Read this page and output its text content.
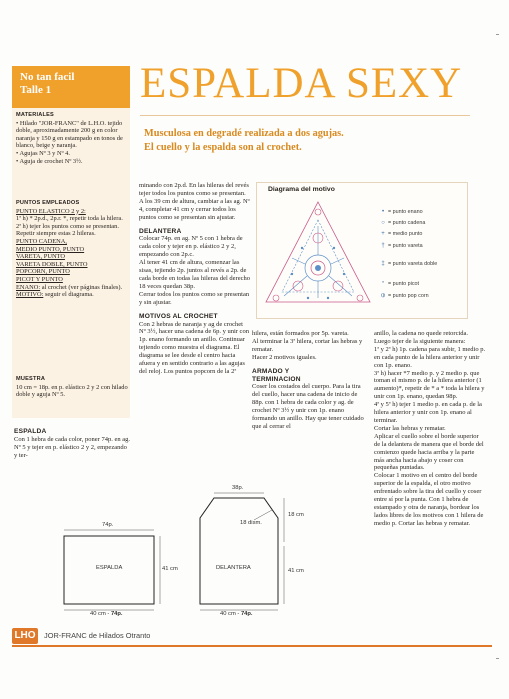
No tan facil
Talle 1
MATERIALES
• Hilado "JOR-FRANC" de L.H.O. tejido doble, aproximadamente 200 g en color naranja y 150 g en estampado en tonos de blanco, beige y naranja.
• Agujas Nº 3 y Nº 4.
• Aguja de crochet Nº 3½.
PUNTOS EMPLEADOS
PUNTO ELASTICO 2 y 2:
1ª h) * 2p.d., 2p.r. *, repetir toda la hilera.
2ª h) tejer los puntos como se presentan.
Repetir siempre estas 2 hileras.
PUNTO CADENA,
MEDIO PUNTO, PUNTO
VARETA, PUNTO
VARETA DOBLE, PUNTO
POPCORN, PUNTO
PICOT Y PUNTO
ENANO: al crochet (ver páginas finales).
MOTIVO: seguir el diagrama.
MUESTRA
10 cm = 18p. en p. elástico 2 y 2 con hilado doble y aguja Nº 5.
ESPALDA SEXY
Musculosa en degradé realizada a dos agujas.
El cuello y la espalda son al crochet.
ESPALDA
Con 1 hebra de cada color, poner 74p. en ag. Nº 5 y tejer en p. elástico 2 y 2, empezando y ter-
minando con 2p.d. En las hileras del revés tejer todos los puntos como se presentan.
A los 39 cm de altura, cambiar a las ag. Nº 4, completar 41 cm y cerrar todos los puntos como se presentan sin ajustar.
DELANTERA
Colocar 74p. en ag. Nº 5 con 1 hebra de cada color y tejer en p. elástico 2 y 2, empezando con 2p.c.
Al tener 41 cm de altura, comenzar las sisas, tejiendo 2p. juntos al revés a 2p. de cada borde en todas las hileras del derecho 18 veces quedan 38p.
Cerrar todos los puntos como se presentan y sin ajustar.
MOTIVOS AL CROCHET
Con 2 hebras de naranja y ag de crochet Nº 3½, hacer una cadena de 6p. y unir con 1p. enano formando un anillo. Continuar tejiendo como muestra el diagrama. El diagrama se lee desde el centro hacia afuera y en sentido contrario a las agujas del reloj. Los puntos popcorn de la 2ª
Diagrama del motivo
• = punto enano
○ = punto cadena
+ = medio punto
† = punto vareta
‡ = punto vareta doble
ᐤ = punto picot
⦶ = punto pop corn
hilera, están formados por 5p. vareta.
Al terminar la 3ª hilera, cortar las hebras y rematar.
Hacer 2 motivos iguales.
ARMADO Y
TERMINACION
Coser los costados del cuerpo. Para la tira del cuello, hacer una cadena de inicio de 88p. con 1 hebra de cada color y ag. de crochet Nº 3½ y unir con 1p. enano formando un anillo. Hay que tener cuidado que al cerrar el
anillo, la cadena no quede retorcida. Luego tejer de la siguiente manera:
1ª y 2ª h) 1p. cadena para subir, 1 medio p. en cada punto de la hilera anterior y unir con 1p. enano.
3ª h) hacer *7 medio p. y 2 medio p. que toman el mismo p. de la hilera anterior (1 aumento)*, repetir de * a * toda la hilera y unir con 1p. enano, quedan 98p.
4ª y 5ª h) tejer 1 medio p. en cada p. de la hilera anterior y unir con 1p. enano al terminar.
Cortar las hebras y rematar.
Aplicar el cuello sobre el borde superior de la delantera de manera que el borde del comienzo quede hacia arriba y la parte más ancha hacia abajo y coser con pequeñas puntadas.
Colocar 1 motivo en el centro del borde superior de la espalda, el otro motivo enfrentado sobre la tira del cuello y coser entre sí por la punta. Con 1 hebra de estampado y otra de naranja, bordear los lados libres de los motivos con 1 hilera de medio p. Cortar las hebras y rematar.
ESPALDA
74p.
41 cm
40 cm - 74p.
DELANTERA
38p.
18 dism.
18 cm
41 cm
40 cm - 74p.
LHO	JOR-FRANC de Hilados Otranto
